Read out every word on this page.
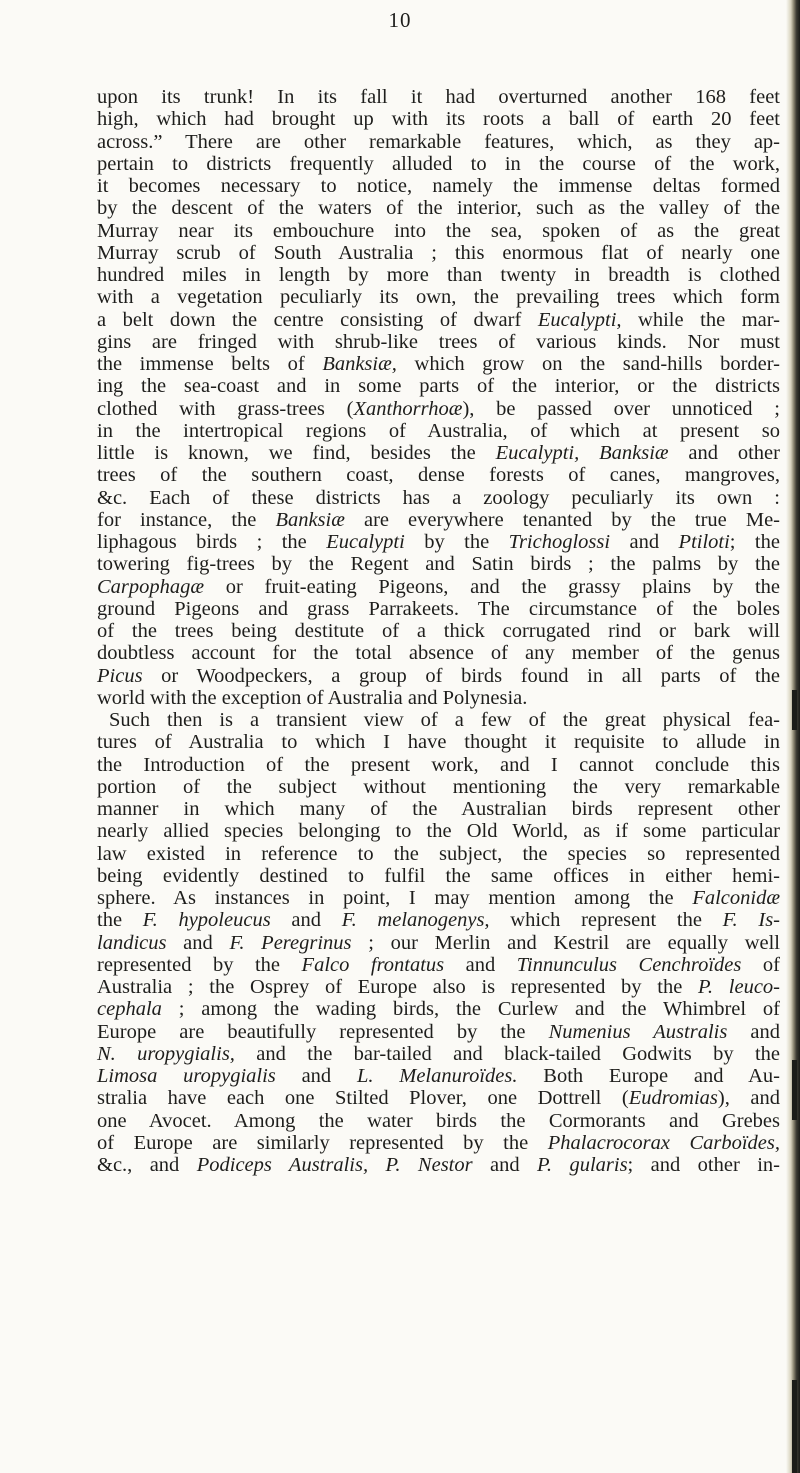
10
upon its trunk! In its fall it had overturned another 168 feet
high, which had brought up with its roots a ball of earth 20 feet
across.” There are other remarkable features, which, as they ap-
pertain to districts frequently alluded to in the course of the work,
it becomes necessary to notice, namely the immense deltas formed
by the descent of the waters of the interior, such as the valley of the
Murray near its embouchure into the sea, spoken of as the great
Murray scrub of South Australia ; this enormous flat of nearly one
hundred miles in length by more than twenty in breadth is clothed
with a vegetation peculiarly its own, the prevailing trees which form
a belt down the centre consisting of dwarf Eucalypti, while the mar-
gins are fringed with shrub-like trees of various kinds. Nor must
the immense belts of Banksiæ, which grow on the sand-hills border-
ing the sea-coast and in some parts of the interior, or the districts
clothed with grass-trees (Xanthorrhoæ), be passed over unnoticed ;
in the intertropical regions of Australia, of which at present so
little is known, we find, besides the Eucalypti, Banksiæ and other
trees of the southern coast, dense forests of canes, mangroves,
&c. Each of these districts has a zoology peculiarly its own :
for instance, the Banksiæ are everywhere tenanted by the true Me-
liphagous birds ; the Eucalypti by the Trichoglossi and Ptiloti; the
towering fig-trees by the Regent and Satin birds ; the palms by the
Carpophagæ or fruit-eating Pigeons, and the grassy plains by the
ground Pigeons and grass Parrakeets. The circumstance of the boles
of the trees being destitute of a thick corrugated rind or bark will
doubtless account for the total absence of any member of the genus
Picus or Woodpeckers, a group of birds found in all parts of the
world with the exception of Australia and Polynesia.
Such then is a transient view of a few of the great physical fea-
tures of Australia to which I have thought it requisite to allude in
the Introduction of the present work, and I cannot conclude this
portion of the subject without mentioning the very remarkable
manner in which many of the Australian birds represent other
nearly allied species belonging to the Old World, as if some particular
law existed in reference to the subject, the species so represented
being evidently destined to fulfil the same offices in either hemi-
sphere. As instances in point, I may mention among the Falconidæ
the F. hypoleucus and F. melanogenys, which represent the F. Is-
landicus and F. Peregrinus ; our Merlin and Kestril are equally well
represented by the Falco frontatus and Tinnunculus Cenchroïdes of
Australia ; the Osprey of Europe also is represented by the P. leuco-
cephala ; among the wading birds, the Curlew and the Whimbrel of
Europe are beautifully represented by the Numenius Australis and
N. uropygialis, and the bar-tailed and black-tailed Godwits by the
Limosa uropygialis and L. Melanuroïdes. Both Europe and Au-
stralia have each one Stilted Plover, one Dottrell (Eudromias), and
one Avocet. Among the water birds the Cormorants and Grebes
of Europe are similarly represented by the Phalacrocorax Carboïdes,
&c., and Podiceps Australis, P. Nestor and P. gularis; and other in-
